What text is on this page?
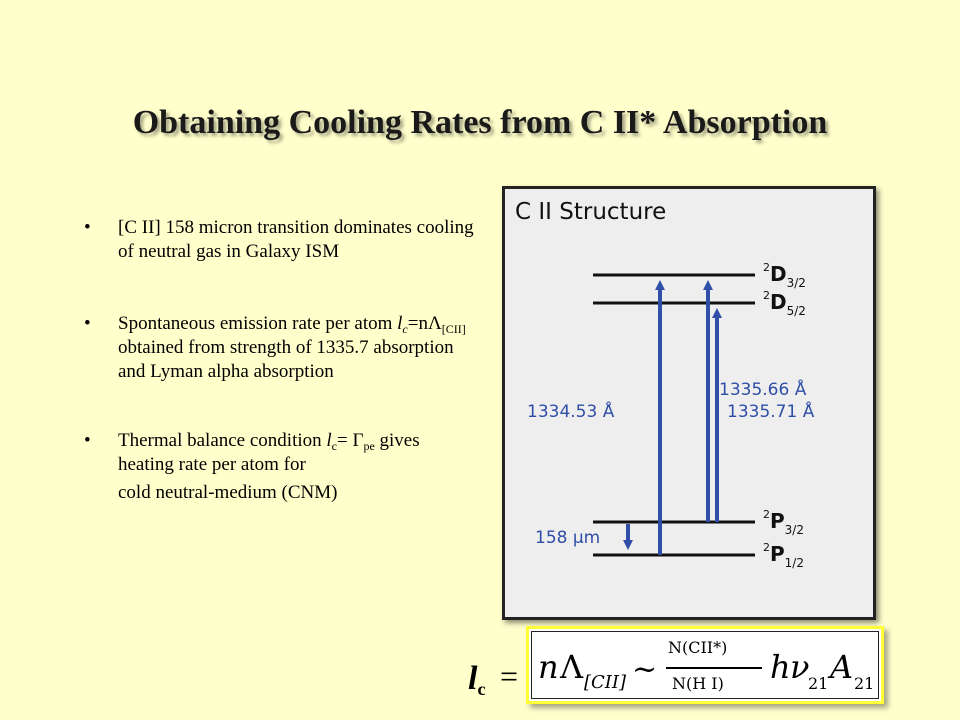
Obtaining Cooling Rates from C II* Absorption
• [C II] 158 micron transition dominates cooling of neutral gas in Galaxy ISM
• Spontaneous emission rate per atom $l_c=n\Lambda_{[CII]}$ obtained from strength of 1335.7 absorption and Lyman alpha absorption
• Thermal balance condition $l_c= \Gamma_{pe}$ gives heating rate per atom for
cold neutral-medium (CNM)
C II Structure
$^2D_{3/2}$
$^2D_{5/2}$
$^2P_{3/2}$
$^2P_{1/2}$
1334.53 Å
1335.66 Å
1335.71 Å
158 µm
$l_c = n$ Λ [CII] ~
N(CII*)
N(H I) h ν
21 A 21
